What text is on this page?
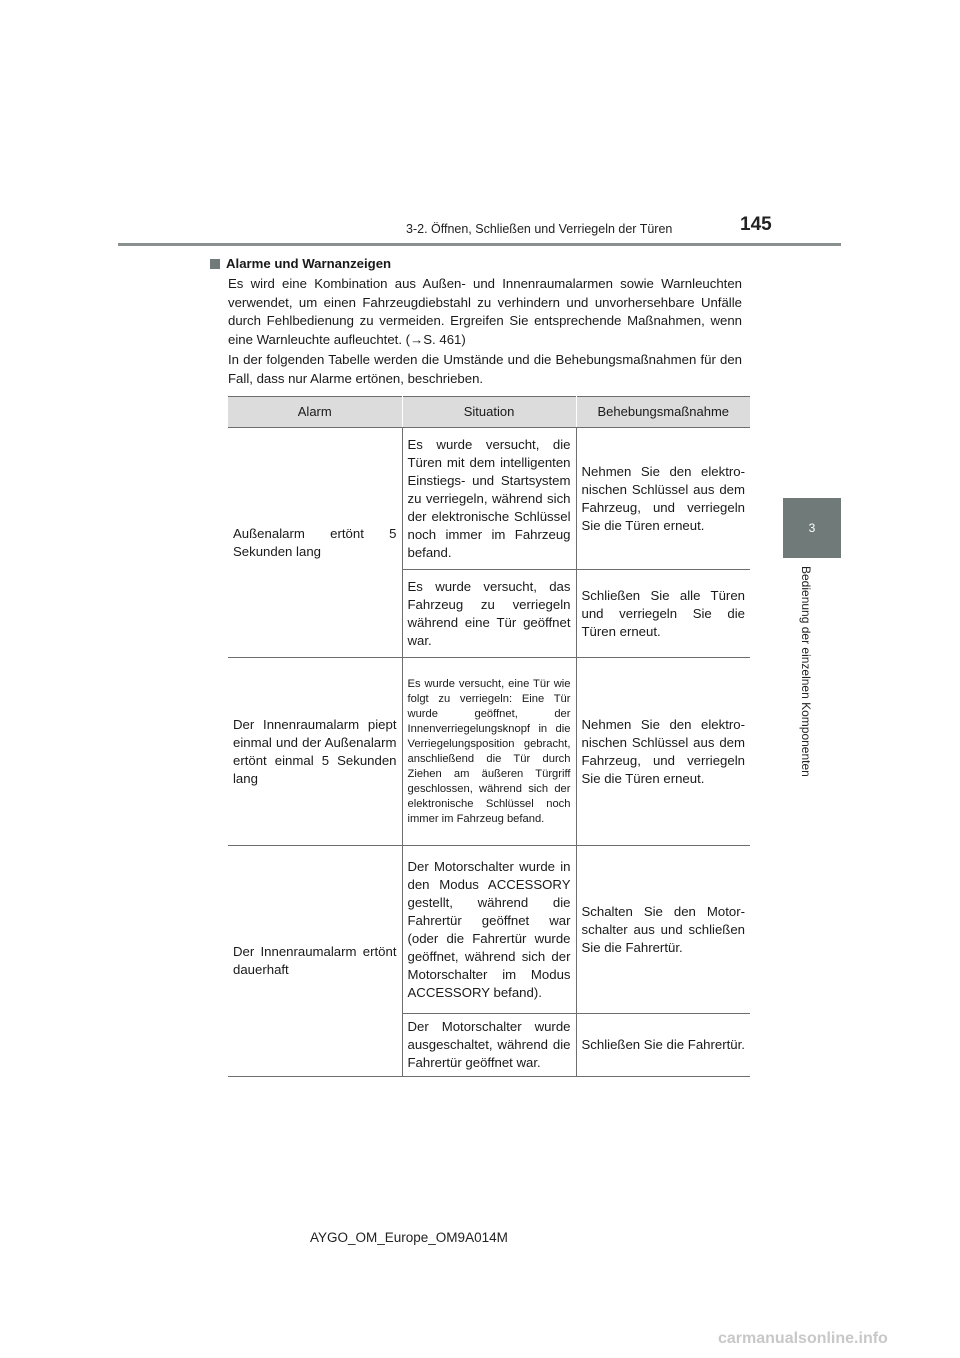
3-2. Öffnen, Schließen und Verriegeln der Türen	145
3
Bedienung der einzelnen Komponenten
Alarme und Warnanzeigen
Es wird eine Kombination aus Außen- und Innenraumalarmen sowie Warnleuchten verwendet, um einen Fahrzeugdiebstahl zu verhindern und unvorhersehbare Unfälle durch Fehlbedienung zu vermeiden. Ergreifen Sie entsprechende Maßnahmen, wenn eine Warnleuchte aufleuchtet. (→S. 461)
In der folgenden Tabelle werden die Umstände und die Behebungsmaßnahmen für den Fall, dass nur Alarme ertönen, beschrieben.
Alarm	Situation	Behebungsmaßnahme
Außenalarm ertönt 5 Sekunden lang	Es wurde versucht, die Türen mit dem intelligenten Einstiegs- und Startsystem zu verriegeln, während sich der elektronische Schlüssel noch immer im Fahrzeug befand.	Nehmen Sie den elektronischen Schlüssel aus dem Fahrzeug, und verriegeln Sie die Türen erneut.
	Es wurde versucht, das Fahrzeug zu verriegeln während eine Tür geöffnet war.	Schließen Sie alle Türen und verriegeln Sie die Türen erneut.
Der Innenraumalarm piept einmal und der Außenalarm ertönt einmal 5 Sekunden lang	Es wurde versucht, eine Tür wie folgt zu verriegeln: Eine Tür wurde geöffnet, der Innenverriegelungsknopf in die Verriegelungsposition gebracht, anschließend die Tür durch Ziehen am äußeren Türgriff geschlossen, während sich der elektronische Schlüssel noch immer im Fahrzeug befand.	Nehmen Sie den elektronischen Schlüssel aus dem Fahrzeug, und verriegeln Sie die Türen erneut.
Der Innenraumalarm ertönt dauerhaft	Der Motorschalter wurde in den Modus ACCESSORY gestellt, während die Fahrertür geöffnet war (oder die Fahrertür wurde geöffnet, während sich der Motorschalter im Modus ACCESSORY befand).	Schalten Sie den Motorschalter aus und schließen Sie die Fahrertür.
	Der Motorschalter wurde ausgeschaltet, während die Fahrertür geöffnet war.	Schließen Sie die Fahrertür.
AYGO_OM_Europe_OM9A014M
carmanualsonline.info
